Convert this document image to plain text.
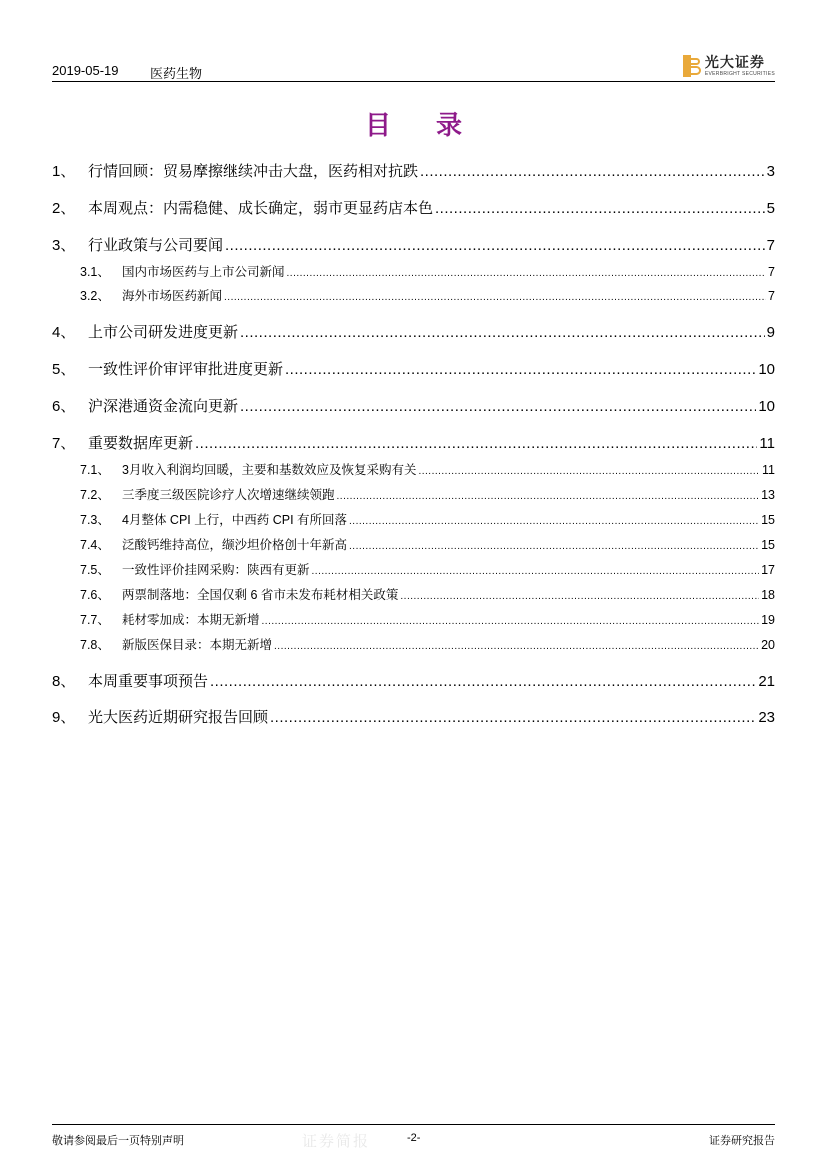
2019-05-19 医药生物
光大证券
EVERBRIGHT SECURITIES
目 录
1、 行情回顾：贸易摩擦继续冲击大盘，医药相对抗跌 .....	3
2、 本周观点：内需稳健、成长确定，弱市更显药店本色 .....	5
3、 行业政策与公司要闻 .....	7
3.1、 国内市场医药与上市公司新闻 .....	7
3.2、 海外市场医药新闻 .....	7
4、 上市公司研发进度更新 .....	9
5、 一致性评价审评审批进度更新 .....	10
6、 沪深港通资金流向更新 .....	10
7、 重要数据库更新 .....	11
7.1、 3月收入利润均回暖，主要和基数效应及恢复采购有关 .....	11
7.2、 三季度三级医院诊疗人次增速继续领跑 .....	13
7.3、 4月整体 CPI 上行，中西药 CPI 有所回落 .....	15
7.4、 泛酸钙维持高位，缬沙坦价格创十年新高 .....	15
7.5、 一致性评价挂网采购：陕西有更新 .....	17
7.6、 两票制落地：全国仅剩 6 省市未发布耗材相关政策 .....	18
7.7、 耗材零加成：本期无新增 .....	19
7.8、 新版医保目录：本期无新增 .....	20
8、 本周重要事项预告 .....	21
9、 光大医药近期研究报告回顾 .....	23
敬请参阅最后一页特别声明	证券简报	-2-	证券研究报告
